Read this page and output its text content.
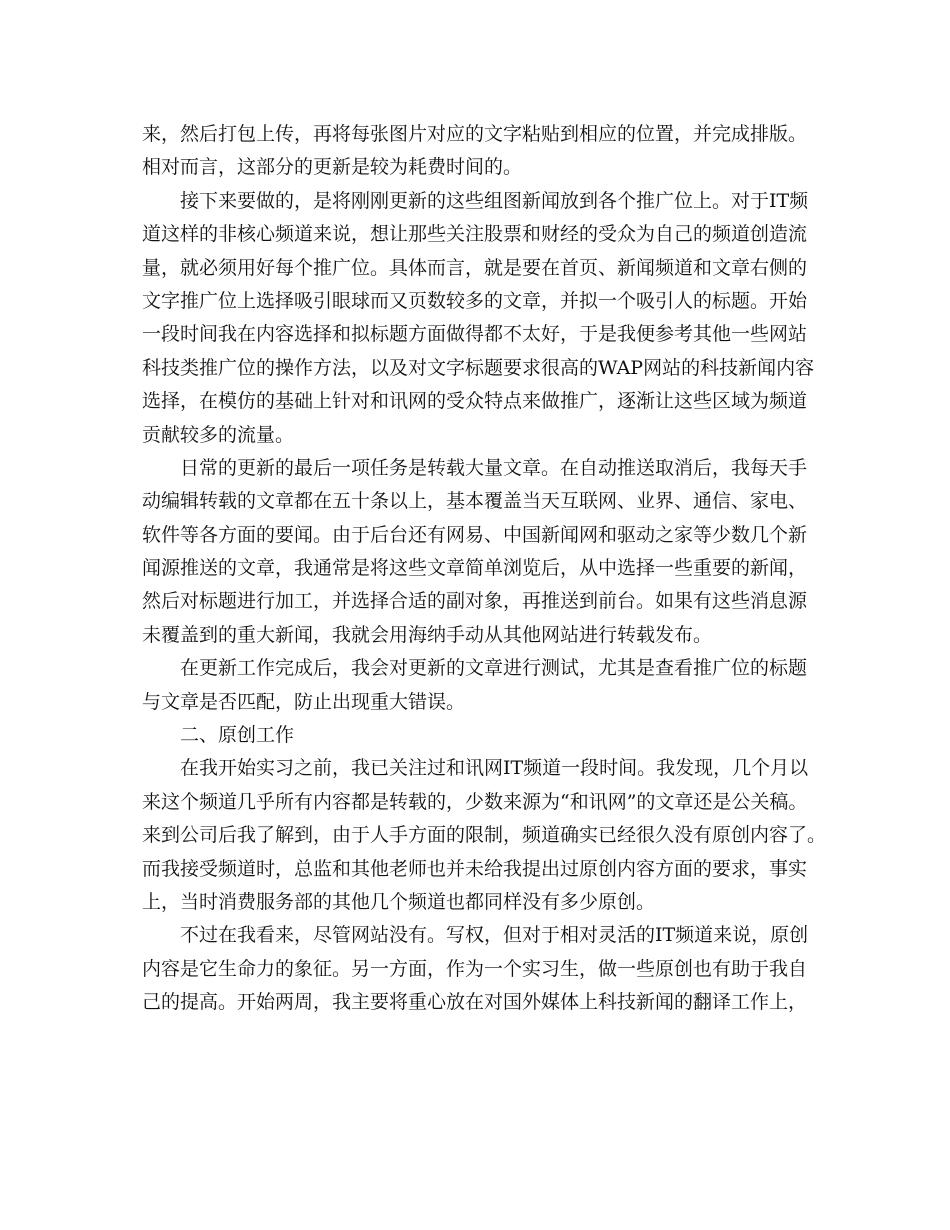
来，然后打包上传，再将每张图片对应的文字粘贴到相应的位置，并完成排版。
相对而言，这部分的更新是较为耗费时间的。
接下来要做的，是将刚刚更新的这些组图新闻放到各个推广位上。对于IT频
道这样的非核心频道来说，想让那些关注股票和财经的受众为自己的频道创造流
量，就必须用好每个推广位。具体而言，就是要在首页、新闻频道和文章右侧的
文字推广位上选择吸引眼球而又页数较多的文章，并拟一个吸引人的标题。开始
一段时间我在内容选择和拟标题方面做得都不太好，于是我便参考其他一些网站
科技类推广位的操作方法，以及对文字标题要求很高的WAP网站的科技新闻内容
选择，在模仿的基础上针对和讯网的受众特点来做推广，逐渐让这些区域为频道
贡献较多的流量。
日常的更新的最后一项任务是转载大量文章。在自动推送取消后，我每天手
动编辑转载的文章都在五十条以上，基本覆盖当天互联网、业界、通信、家电、
软件等各方面的要闻。由于后台还有网易、中国新闻网和驱动之家等少数几个新
闻源推送的文章，我通常是将这些文章简单浏览后，从中选择一些重要的新闻，
然后对标题进行加工，并选择合适的副对象，再推送到前台。如果有这些消息源
未覆盖到的重大新闻，我就会用海纳手动从其他网站进行转载发布。
在更新工作完成后，我会对更新的文章进行测试，尤其是查看推广位的标题
与文章是否匹配，防止出现重大错误。
二、原创工作
在我开始实习之前，我已关注过和讯网IT频道一段时间。我发现，几个月以
来这个频道几乎所有内容都是转载的，少数来源为“和讯网”的文章还是公关稿。
来到公司后我了解到，由于人手方面的限制，频道确实已经很久没有原创内容了。
而我接受频道时，总监和其他老师也并未给我提出过原创内容方面的要求，事实
上，当时消费服务部的其他几个频道也都同样没有多少原创。
不过在我看来，尽管网站没有。写权，但对于相对灵活的IT频道来说，原创
内容是它生命力的象征。另一方面，作为一个实习生，做一些原创也有助于我自
己的提高。开始两周，我主要将重心放在对国外媒体上科技新闻的翻译工作上，
